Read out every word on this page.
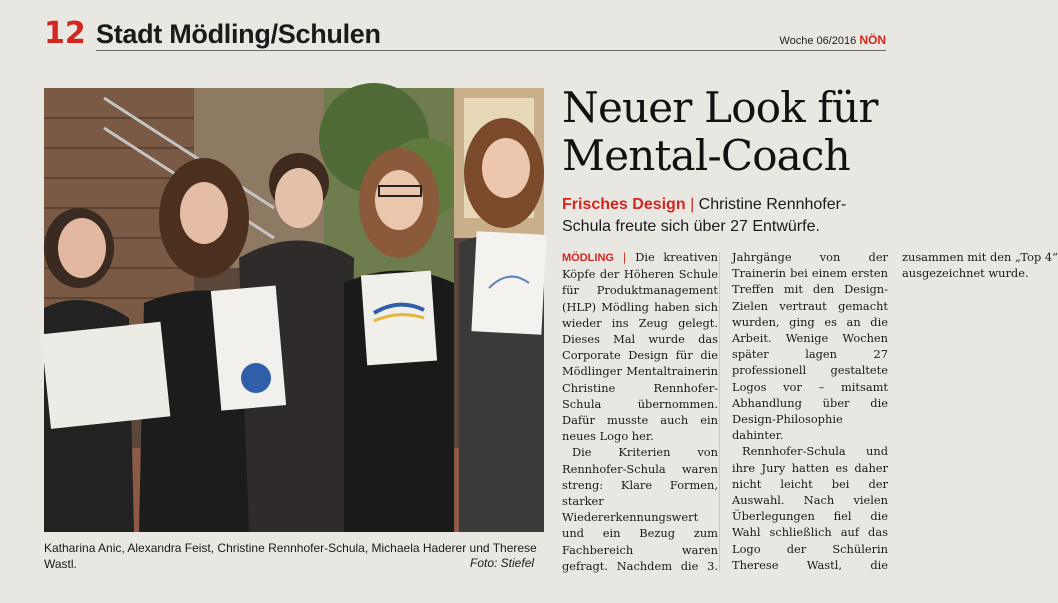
12 Stadt Mödling/Schulen	Woche 06/2016 NÖN
Katharina Anic, Alexandra Feist, Christine Rennhofer-Schula, Michaela Haderer und Therese Wastl.	Foto: Stiefel
Neuer Look für Mental-Coach
Frisches Design | Christine Rennhofer-Schula freute sich über 27 Entwürfe.

MÖDLING | Die kreativen Köpfe der Höheren Schule für Produktmanagement (HLP) Mödling haben sich wieder ins Zeug gelegt. Dieses Mal wurde das Corporate Design für die Mödlinger Mentaltrainerin Christine Rennhofer-Schula übernommen. Dafür musste auch ein neues Logo her.

Die Kriterien von Rennhofer-Schula waren streng: Klare Formen, starker Wiedererkennungswert und ein Bezug zum Fachbereich waren gefragt. Nachdem die 3. Jahrgänge von der Trainerin bei einem ersten Treffen mit den Design-Zielen vertraut gemacht wurden, ging es an die Arbeit. Wenige Wochen später lagen 27 professionell gestaltete Logos vor – mitsamt Abhandlung über die Design-Philosophie dahinter.

Rennhofer-Schula und ihre Jury hatten es daher nicht leicht bei der Auswahl. Nach vielen Überlegungen fiel die Wahl schließlich auf das Logo der Schülerin Therese Wastl, die zusammen mit den „Top 4“ ausgezeichnet wurde.
